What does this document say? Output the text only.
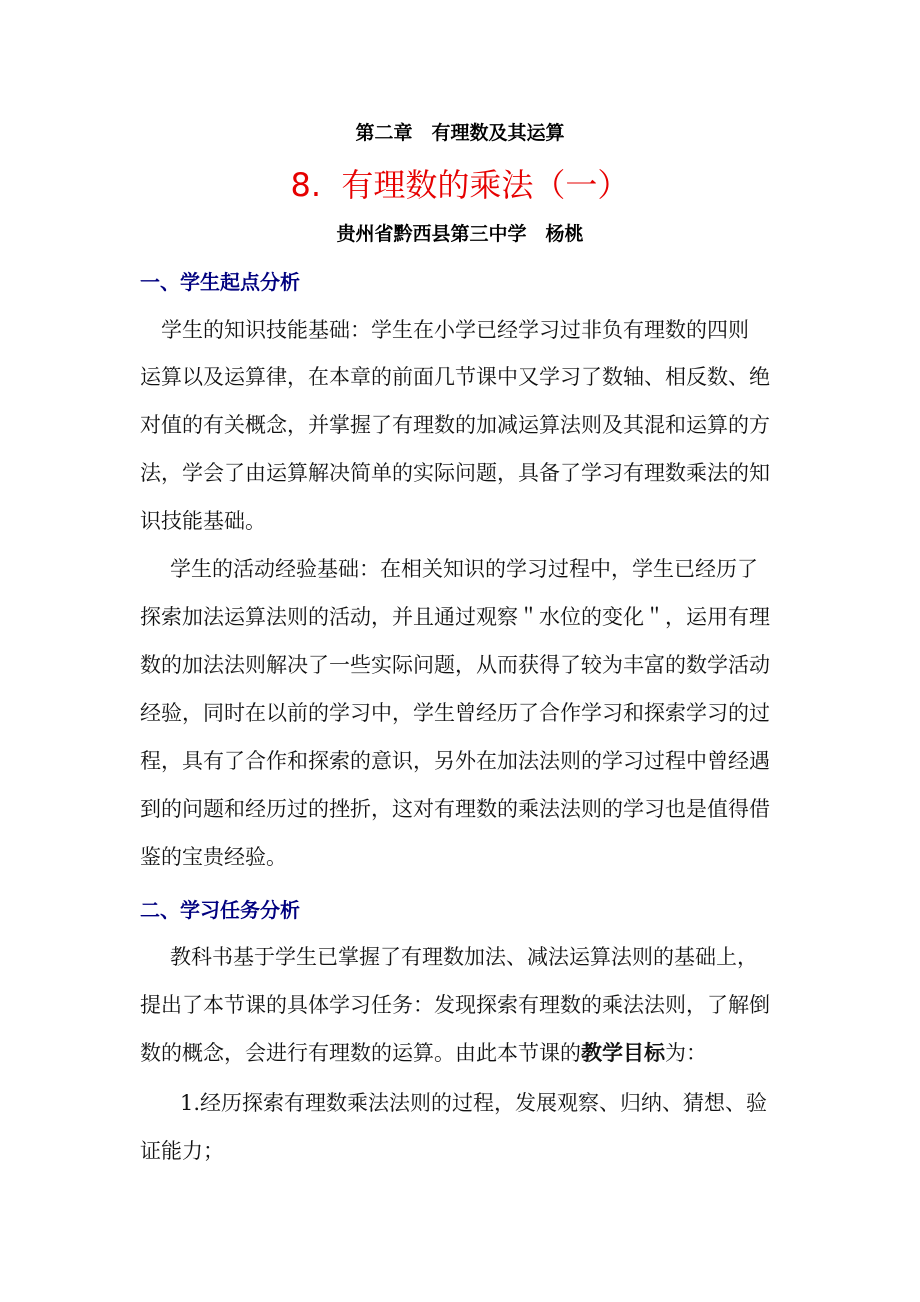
第二章　有理数及其运算
8.  有理数的乘法（一）
贵州省黔西县第三中学　杨桃
一、学生起点分析
　学生的知识技能基础：学生在小学已经学习过非负有理数的四则
运算以及运算律，在本章的前面几节课中又学习了数轴、相反数、绝
对值的有关概念，并掌握了有理数的加减运算法则及其混和运算的方
法，学会了由运算解决简单的实际问题，具备了学习有理数乘法的知
识技能基础。
学生的活动经验基础：在相关知识的学习过程中，学生已经历了
探索加法运算法则的活动，并且通过观察＂水位的变化＂，运用有理
数的加法法则解决了一些实际问题，从而获得了较为丰富的数学活动
经验，同时在以前的学习中，学生曾经历了合作学习和探索学习的过
程，具有了合作和探索的意识，另外在加法法则的学习过程中曾经遇
到的问题和经历过的挫折，这对有理数的乘法法则的学习也是值得借
鉴的宝贵经验。
二、学习任务分析
教科书基于学生已掌握了有理数加法、减法运算法则的基础上，
提出了本节课的具体学习任务：发现探索有理数的乘法法则，了解倒
数的概念，会进行有理数的运算。由此本节课的教学目标为：
1.经历探索有理数乘法法则的过程，发展观察、归纳、猜想、验
证能力；
